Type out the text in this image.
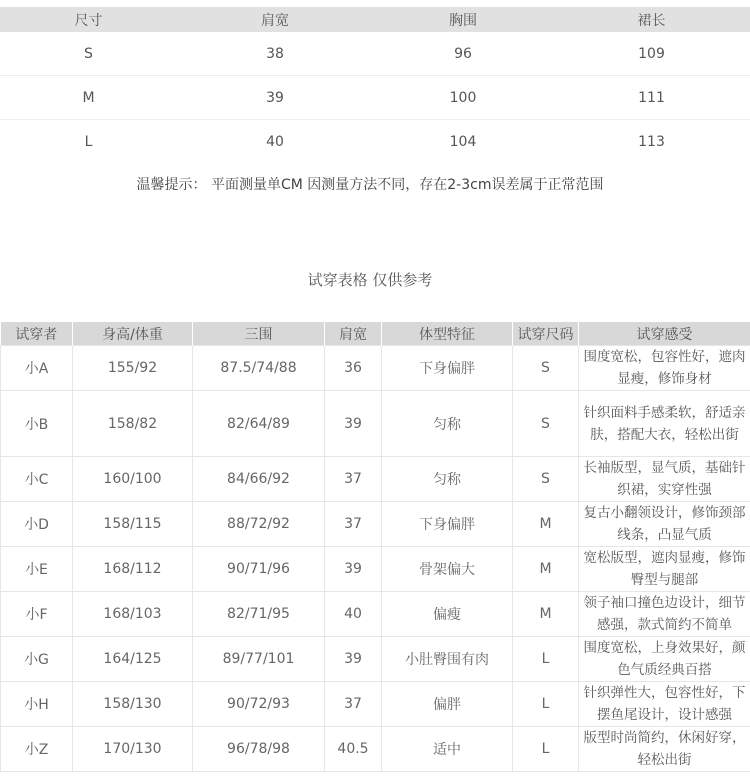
尺寸	肩宽	胸围	裙长
S	38	96	109
M	39	100	111
L	40	104	113
温馨提示： 平面测量单CM 因测量方法不同，存在2-3cm误差属于正常范围
试穿表格 仅供参考
试穿者	身高/体重	三围	肩宽	体型特征	试穿尺码	试穿感受
小A	155/92	87.5/74/88	36	下身偏胖	S	围度宽松，包容性好，遮肉显瘦，修饰身材
小B	158/82	82/64/89	39	匀称	S	针织面料手感柔软，舒适亲肤，搭配大衣，轻松出街
小C	160/100	84/66/92	37	匀称	S	长袖版型，显气质，基础针织裙，实穿性强
小D	158/115	88/72/92	37	下身偏胖	M	复古小翻领设计，修饰颈部线条，凸显气质
小E	168/112	90/71/96	39	骨架偏大	M	宽松版型，遮肉显瘦，修饰臀型与腿部
小F	168/103	82/71/95	40	偏瘦	M	领子袖口撞色边设计，细节感强，款式简约不简单
小G	164/125	89/77/101	39	小肚臀围有肉	L	围度宽松，上身效果好，颜色气质经典百搭
小H	158/130	90/72/93	37	偏胖	L	针织弹性大，包容性好，下摆鱼尾设计，设计感强
小Z	170/130	96/78/98	40.5	适中	L	版型时尚简约，休闲好穿，轻松出街
